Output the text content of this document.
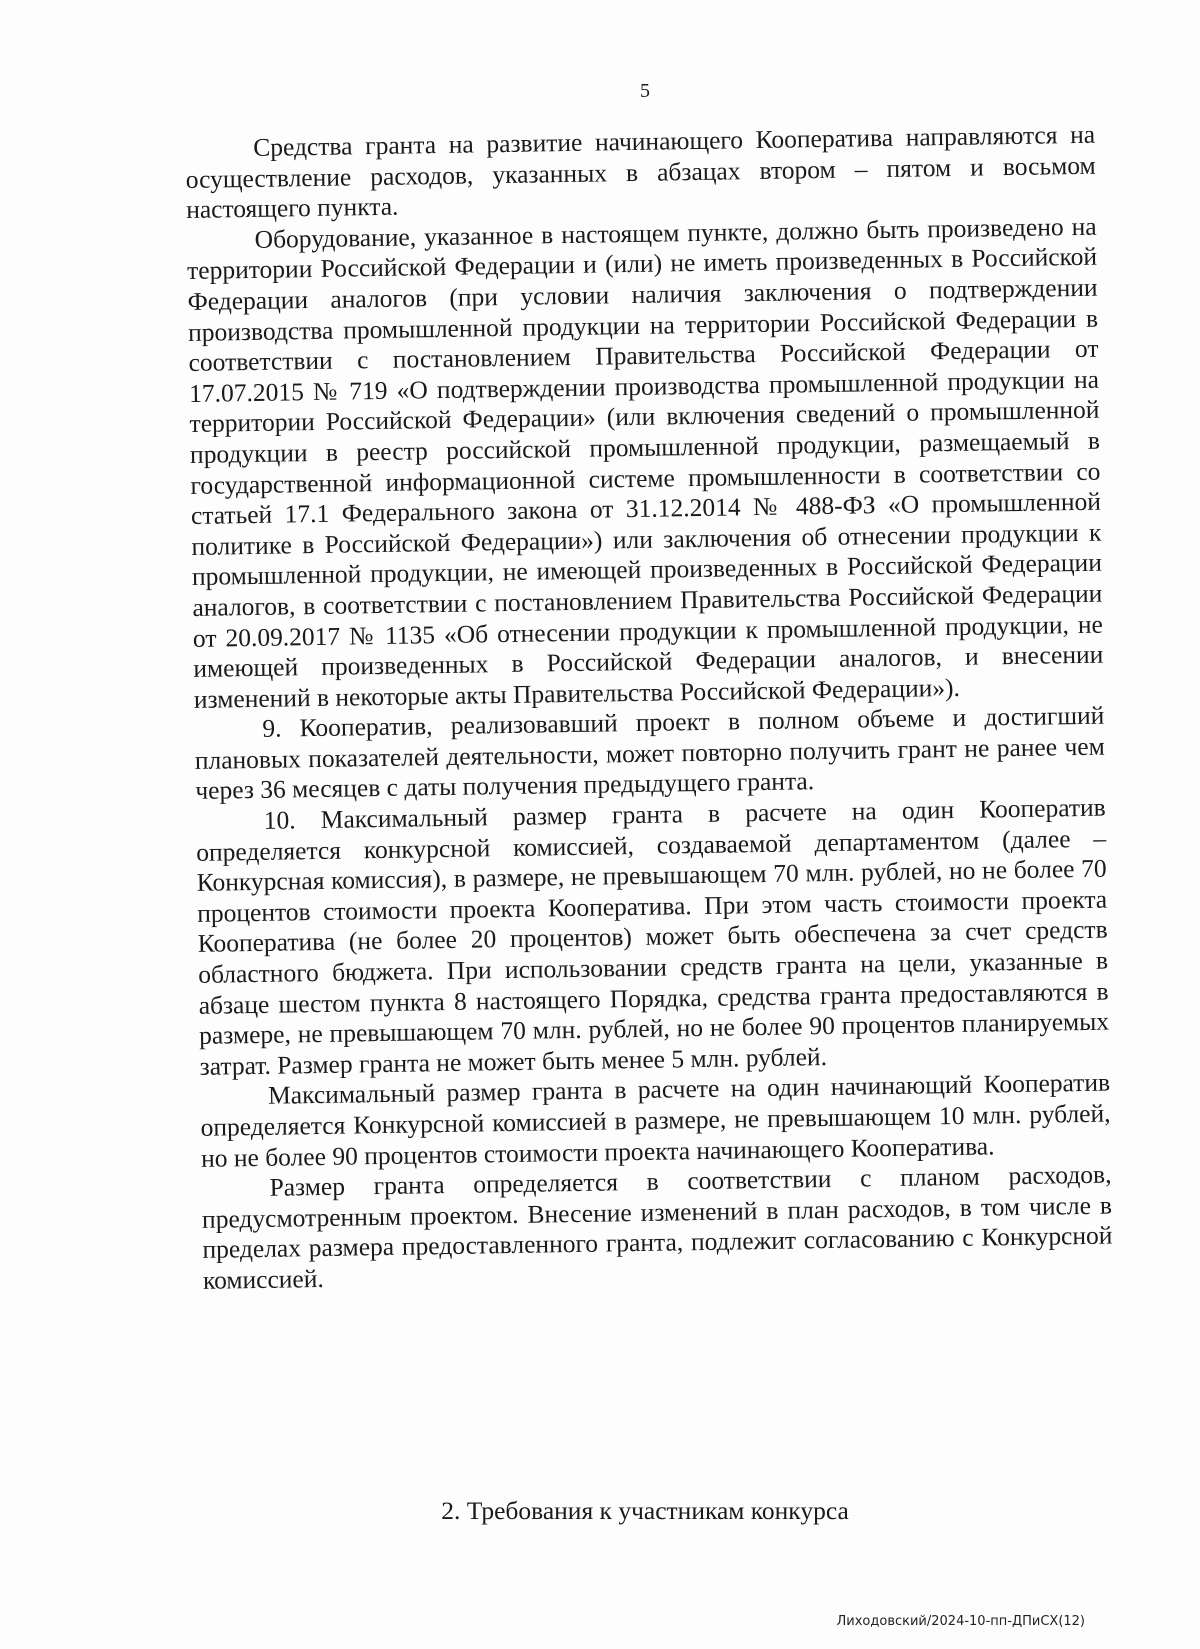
5

Средства гранта на развитие начинающего Кооператива направляются на осуществление расходов, указанных в абзацах втором – пятом и восьмом настоящего пункта.

Оборудование, указанное в настоящем пункте, должно быть произведено на территории Российской Федерации и (или) не иметь произведенных в Российской Федерации аналогов (при условии наличия заключения о подтверждении производства промышленной продукции на территории Российской Федерации в соответствии с постановлением Правительства Российской Федерации от 17.07.2015 № 719 «О подтверждении производства промышленной продукции на территории Российской Федерации» (или включения сведений о промышленной продукции в реестр российской промышленной продукции, размещаемый в государственной информационной системе промышленности в соответствии со статьей 17.1 Федерального закона от 31.12.2014 № 488-ФЗ «О промышленной политике в Российской Федерации») или заключения об отнесении продукции к промышленной продукции, не имеющей произведенных в Российской Федерации аналогов, в соответствии с постановлением Правительства Российской Федерации от 20.09.2017 № 1135 «Об отнесении продукции к промышленной продукции, не имеющей произведенных в Российской Федерации аналогов, и внесении изменений в некоторые акты Правительства Российской Федерации»).

9. Кооператив, реализовавший проект в полном объеме и достигший плановых показателей деятельности, может повторно получить грант не ранее чем через 36 месяцев с даты получения предыдущего гранта.

10. Максимальный размер гранта в расчете на один Кооператив определяется конкурсной комиссией, создаваемой департаментом (далее – Конкурсная комиссия), в размере, не превышающем 70 млн. рублей, но не более 70 процентов стоимости проекта Кооператива. При этом часть стоимости проекта Кооператива (не более 20 процентов) может быть обеспечена за счет средств областного бюджета. При использовании средств гранта на цели, указанные в абзаце шестом пункта 8 настоящего Порядка, средства гранта предоставляются в размере, не превышающем 70 млн. рублей, но не более 90 процентов планируемых затрат. Размер гранта не может быть менее 5 млн. рублей.

Максимальный размер гранта в расчете на один начинающий Кооператив определяется Конкурсной комиссией в размере, не превышающем 10 млн. рублей, но не более 90 процентов стоимости проекта начинающего Кооператива.

Размер гранта определяется в соответствии с планом расходов, предусмотренным проектом. Внесение изменений в план расходов, в том числе в пределах размера предоставленного гранта, подлежит согласованию с Конкурсной комиссией.

2. Требования к участникам конкурса
Лиходовский/2024-10-пп-ДПиСХ(12)
